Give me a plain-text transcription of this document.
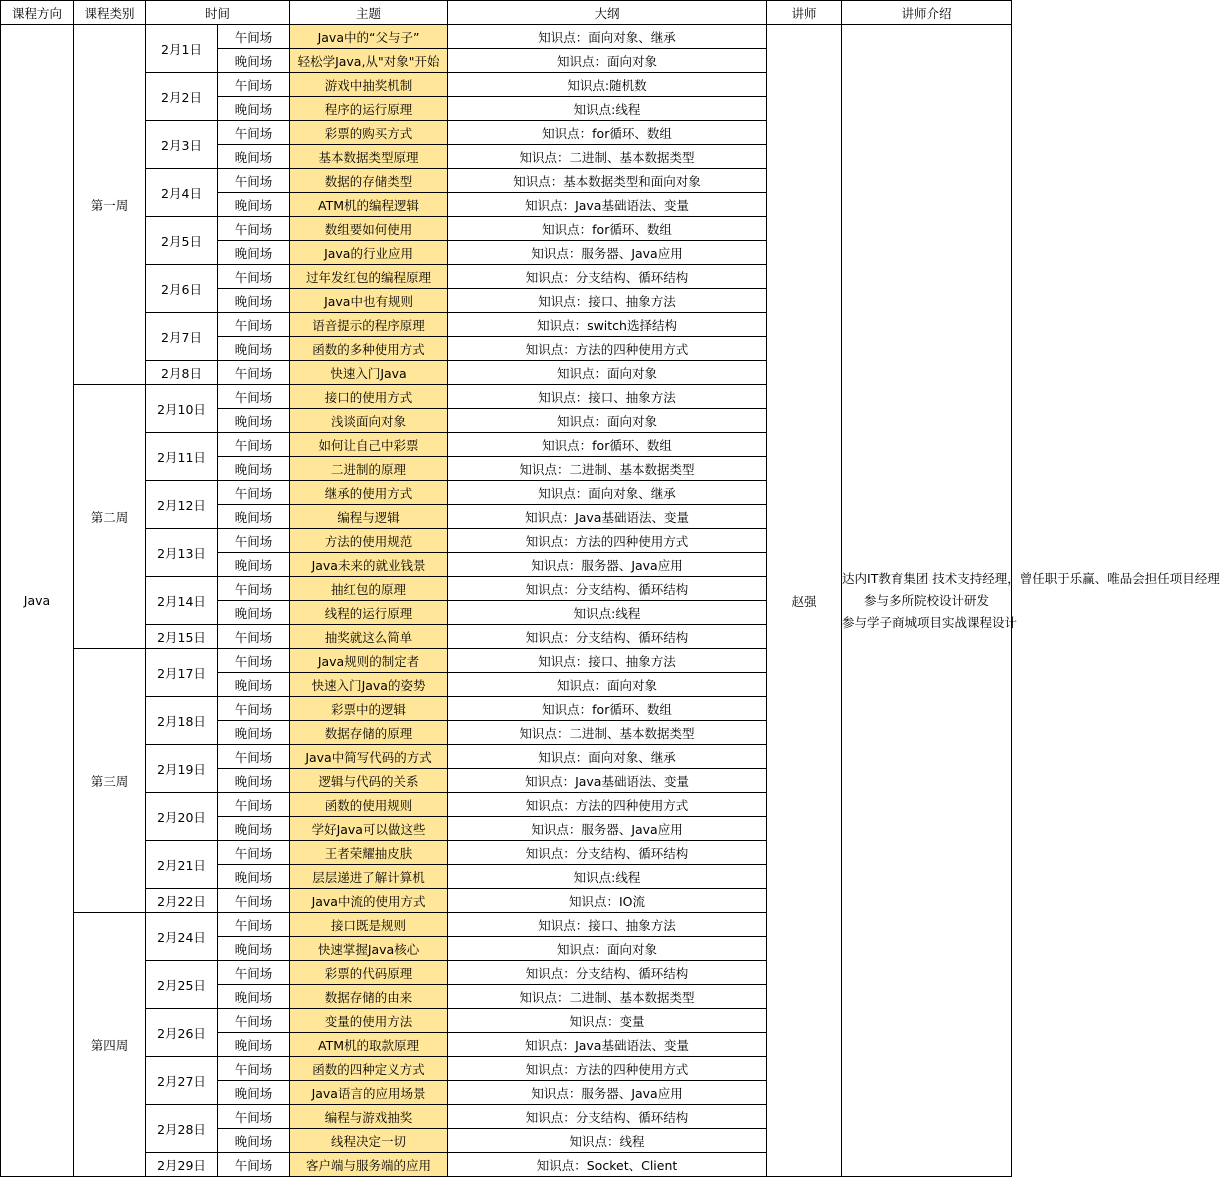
课程方向	课程类别	时间		主题	大纲	讲师	讲师介绍
Java	第一周	2月1日	午间场	Java中的“父与子”	知识点：面向对象、继承	赵强	达内IT教育集团 技术支持经理，曾任职于乐赢、唯品会担任项目经理
参与多所院校设计研发
参与学子商城项目实战课程设计

			晚间场	轻松学Java,从"对象"开始	知识点：面向对象		
		2月2日	午间场	游戏中抽奖机制	知识点:随机数		
			晚间场	程序的运行原理	知识点:线程		
		2月3日	午间场	彩票的购买方式	知识点：for循环、数组		
			晚间场	基本数据类型原理	知识点：二进制、基本数据类型		
		2月4日	午间场	数据的存储类型	知识点：基本数据类型和面向对象		
			晚间场	ATM机的编程逻辑	知识点：Java基础语法、变量		
		2月5日	午间场	数组要如何使用	知识点：for循环、数组		
			晚间场	Java的行业应用	知识点：服务器、Java应用		
		2月6日	午间场	过年发红包的编程原理	知识点：分支结构、循环结构		
			晚间场	Java中也有规则	知识点：接口、抽象方法		
		2月7日	午间场	语音提示的程序原理	知识点：switch选择结构		
			晚间场	函数的多种使用方式	知识点：方法的四种使用方式		
		2月8日	午间场	快速入门Java	知识点：面向对象		
	第二周	2月10日	午间场	接口的使用方式	知识点：接口、抽象方法		
			晚间场	浅谈面向对象	知识点：面向对象		
		2月11日	午间场	如何让自己中彩票	知识点：for循环、数组		
			晚间场	二进制的原理	知识点：二进制、基本数据类型		
		2月12日	午间场	继承的使用方式	知识点：面向对象、继承		
			晚间场	编程与逻辑	知识点：Java基础语法、变量		
		2月13日	午间场	方法的使用规范	知识点：方法的四种使用方式		
			晚间场	Java未来的就业钱景	知识点：服务器、Java应用		
		2月14日	午间场	抽红包的原理	知识点：分支结构、循环结构		
			晚间场	线程的运行原理	知识点:线程		
		2月15日	午间场	抽奖就这么简单	知识点：分支结构、循环结构		
	第三周	2月17日	午间场	Java规则的制定者	知识点：接口、抽象方法		
			晚间场	快速入门Java的姿势	知识点：面向对象		
		2月18日	午间场	彩票中的逻辑	知识点：for循环、数组		
			晚间场	数据存储的原理	知识点：二进制、基本数据类型		
		2月19日	午间场	Java中简写代码的方式	知识点：面向对象、继承		
			晚间场	逻辑与代码的关系	知识点：Java基础语法、变量		
		2月20日	午间场	函数的使用规则	知识点：方法的四种使用方式		
			晚间场	学好Java可以做这些	知识点：服务器、Java应用		
		2月21日	午间场	王者荣耀抽皮肤	知识点：分支结构、循环结构		
			晚间场	层层递进了解计算机	知识点:线程		
		2月22日	午间场	Java中流的使用方式	知识点：IO流		
	第四周	2月24日	午间场	接口既是规则	知识点：接口、抽象方法		
			晚间场	快速掌握Java核心	知识点：面向对象		
		2月25日	午间场	彩票的代码原理	知识点：分支结构、循环结构		
			晚间场	数据存储的由来	知识点：二进制、基本数据类型		
		2月26日	午间场	变量的使用方法	知识点：变量		
			晚间场	ATM机的取款原理	知识点：Java基础语法、变量		
		2月27日	午间场	函数的四种定义方式	知识点：方法的四种使用方式		
			晚间场	Java语言的应用场景	知识点：服务器、Java应用		
		2月28日	午间场	编程与游戏抽奖	知识点：分支结构、循环结构		
			晚间场	线程决定一切	知识点：线程		
		2月29日	午间场	客户端与服务端的应用	知识点：Socket、Client		
